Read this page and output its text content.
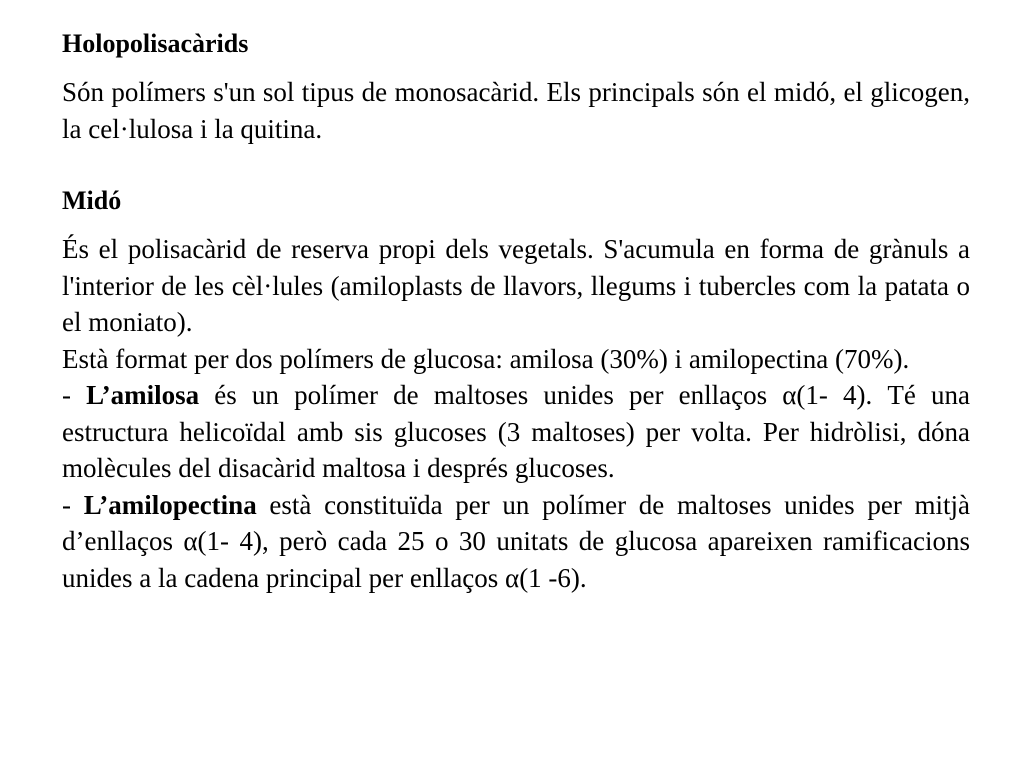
Holopolisacàrids

Són polímers s'un sol tipus de monosacàrid. Els principals són el midó, el glicogen, la cel·lulosa i la quitina.

Midó

És el polisacàrid de reserva propi dels vegetals. S'acumula en forma de grànuls a l'interior de les cèl·lules (amiloplasts de llavors, llegums i tubercles com la patata o el moniato).

Està format per dos polímers de glucosa: amilosa (30%) i amilopectina (70%).

- L’amilosa és un polímer de maltoses unides per enllaços α(1- 4). Té una estructura helicoïdal amb sis glucoses (3 maltoses) per volta. Per hidròlisi, dóna molècules del disacàrid maltosa i després glucoses.

- L’amilopectina està constituïda per un polímer de maltoses unides per mitjà d’enllaços α(1- 4), però cada 25 o 30 unitats de glucosa apareixen ramificacions unides a la cadena principal per enllaços α(1 -6).
